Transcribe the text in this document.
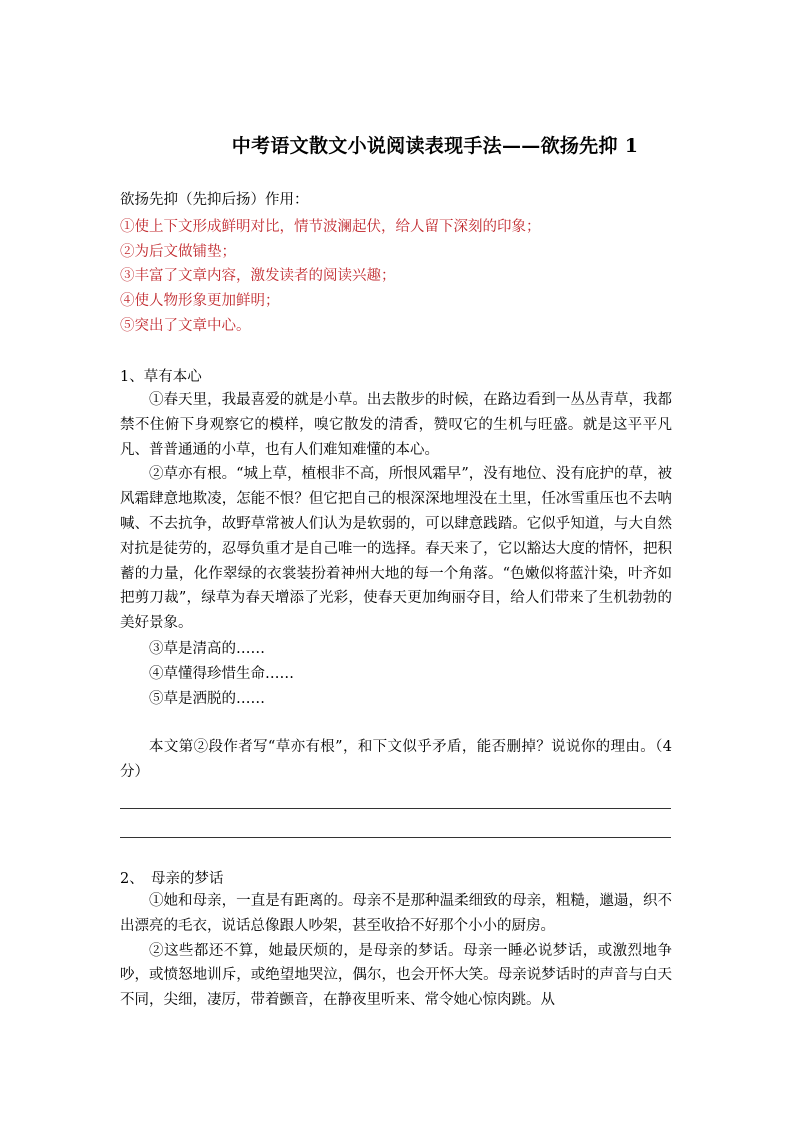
中考语文散文小说阅读表现手法——欲扬先抑 1
欲扬先抑（先抑后扬）作用：
①使上下文形成鲜明对比，情节波澜起伏，给人留下深刻的印象；
②为后文做铺垫；
③丰富了文章内容，激发读者的阅读兴趣；
④使人物形象更加鲜明；
⑤突出了文章中心。
1、草有本心

①春天里，我最喜爱的就是小草。出去散步的时候，在路边看到一丛丛青草，我都禁不住俯下身观察它的模样，嗅它散发的清香，赞叹它的生机与旺盛。就是这平平凡凡、普普通通的小草，也有人们难知难懂的本心。

②草亦有根。“城上草，植根非不高，所恨风霜早”，没有地位、没有庇护的草，被风霜肆意地欺凌，怎能不恨？但它把自己的根深深地埋没在土里，任冰雪重压也不去呐喊、不去抗争，故野草常被人们认为是软弱的，可以肆意践踏。它似乎知道，与大自然对抗是徒劳的，忍辱负重才是自己唯一的选择。春天来了，它以豁达大度的情怀，把积蓄的力量，化作翠绿的衣裳装扮着神州大地的每一个角落。“色嫩似将蓝汁染，叶齐如把剪刀裁”，绿草为春天增添了光彩，使春天更加绚丽夺目，给人们带来了生机勃勃的美好景象。

③草是清高的……
④草懂得珍惜生命……
⑤草是洒脱的……

本文第②段作者写“草亦有根”，和下文似乎矛盾，能否删掉？说说你的理由。（4分）

2、　母亲的梦话

①她和母亲，一直是有距离的。母亲不是那种温柔细致的母亲，粗糙，邋遢，织不出漂亮的毛衣，说话总像跟人吵架，甚至收拾不好那个小小的厨房。

②这些都还不算，她最厌烦的，是母亲的梦话。母亲一睡必说梦话，或激烈地争吵，或愤怒地训斥，或绝望地哭泣，偶尔，也会开怀大笑。母亲说梦话时的声音与白天不同，尖细，凄厉，带着颤音，在静夜里听来、常令她心惊肉跳。从
